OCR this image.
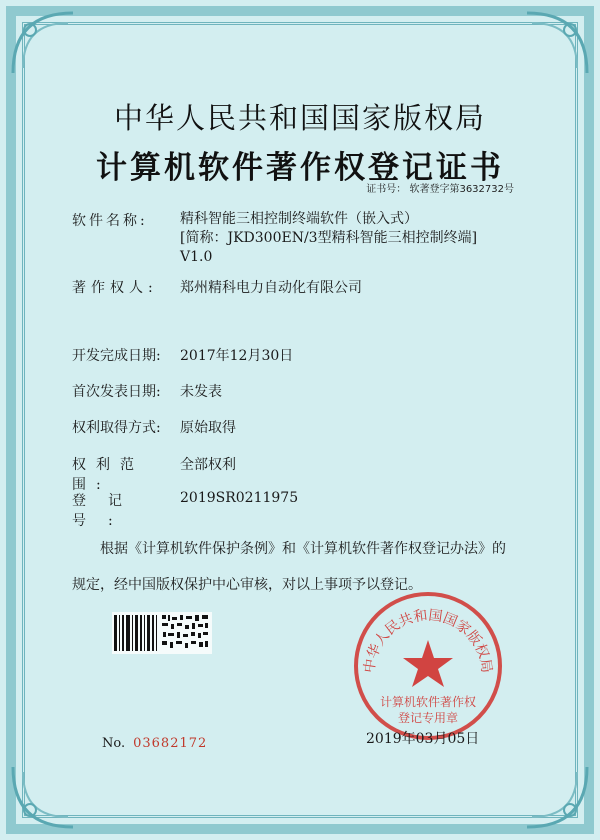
中华人民共和国国家版权局
计算机软件著作权登记证书
证书号： 软著登字第3632732号
软件名称: 精科智能三相控制终端软件（嵌入式）
[简称：JKD300EN/3型精科智能三相控制终端]
V1.0
著作权人: 郑州精科电力自动化有限公司
开发完成日期: 2017年12月30日
首次发表日期: 未发表
权利取得方式: 原始取得
权利范围:
全部权利
登记号:
2019SR0211975
根据《计算机软件保护条例》和《计算机软件著作权登记办法》的
规定，经中国版权保护中心审核，对以上事项予以登记。
中华人民共和国国家版权局
计算机软件著作权
登记专用章
No. 03682172	2019年03月05日
